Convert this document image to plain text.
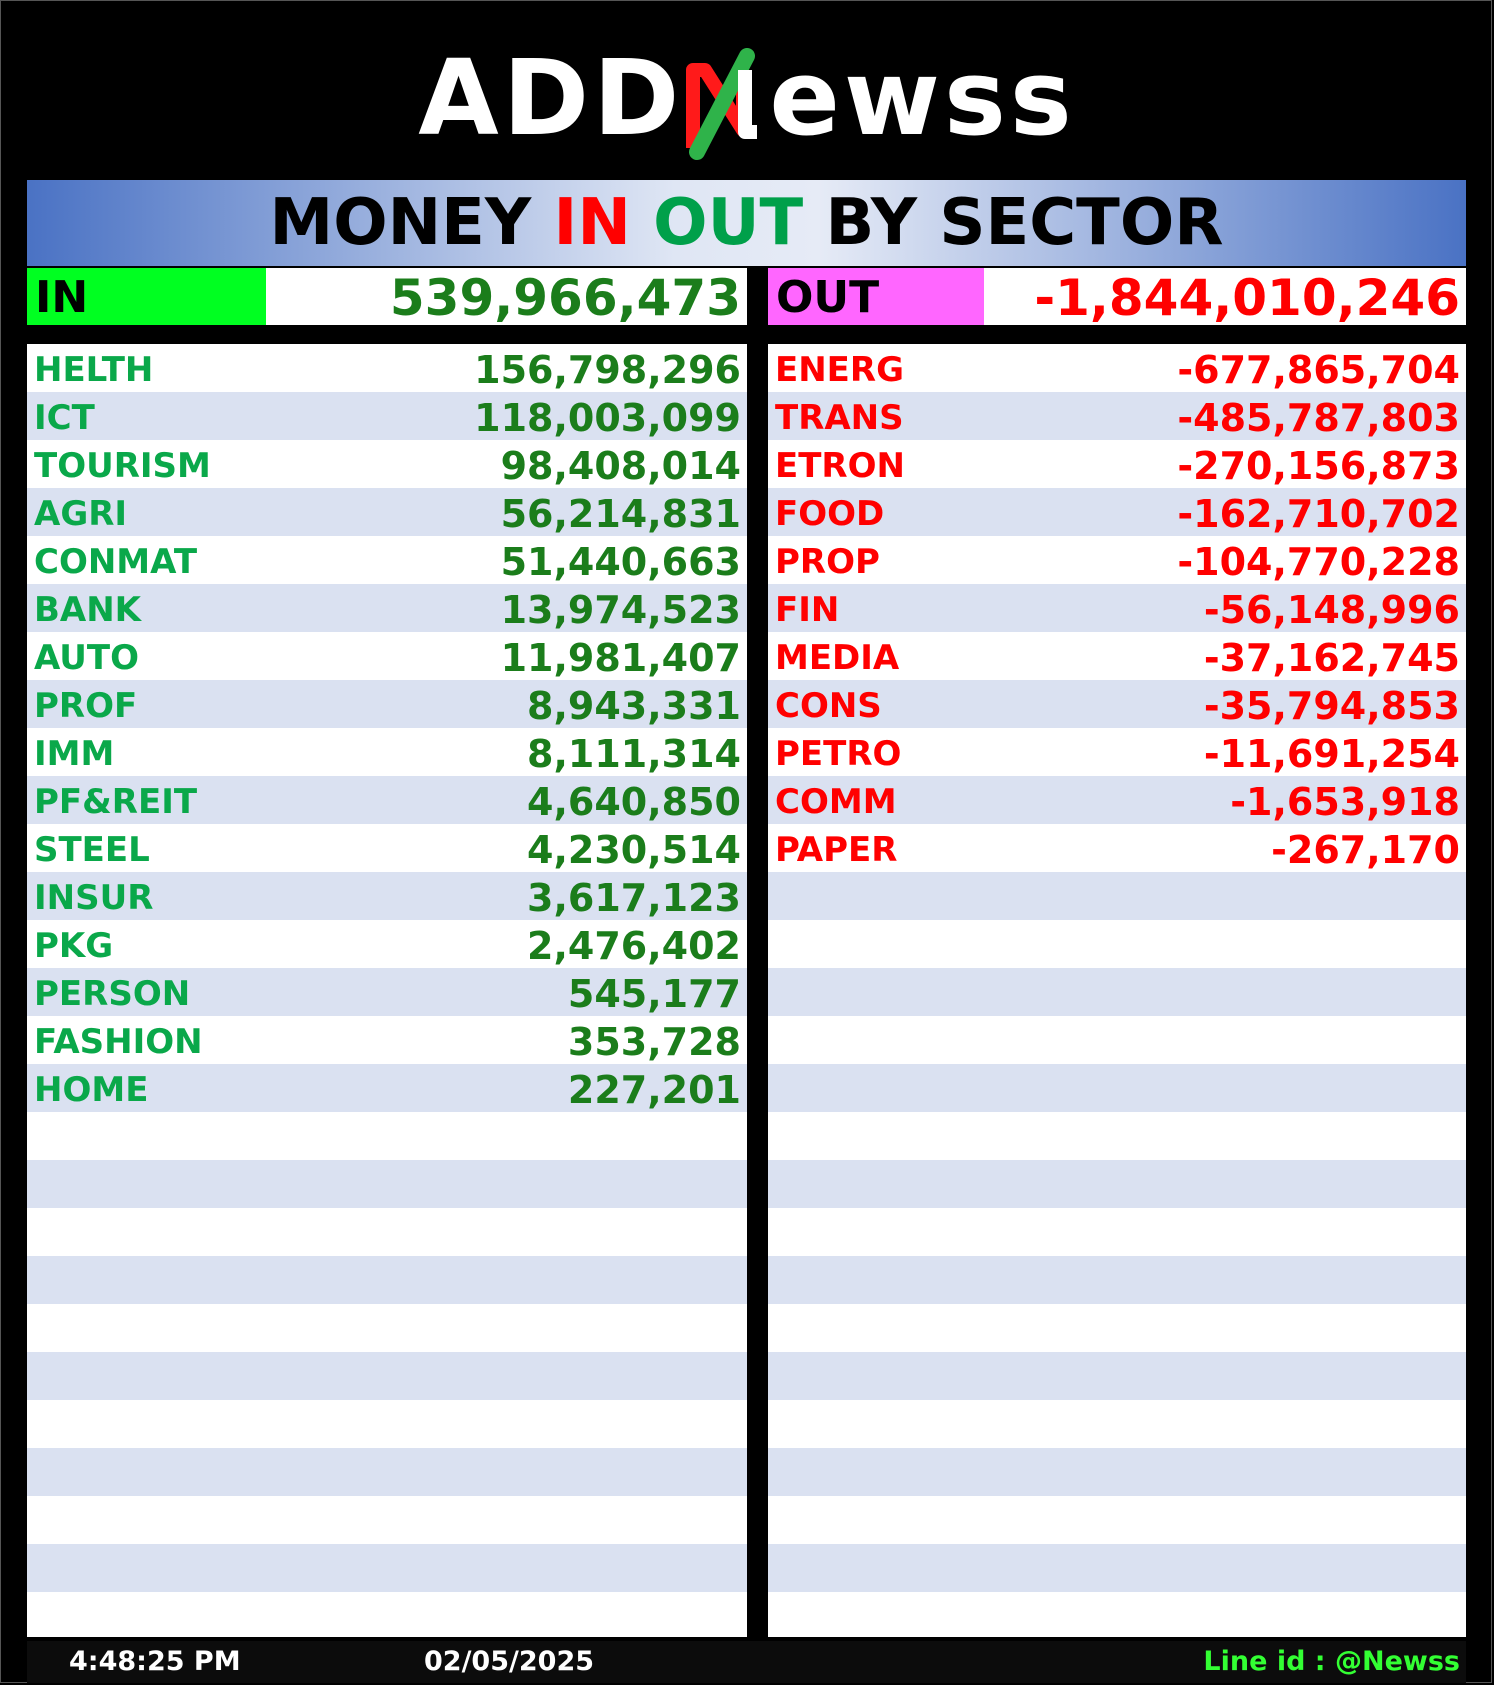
ADD ewss
MONEY IN OUT BY SECTOR
IN	539,966,473 OUT	-1,844,010,246
HELTH	156,798,296
ICT	118,003,099
TOURISM	98,408,014
AGRI	56,214,831
CONMAT	51,440,663
BANK	13,974,523
AUTO	11,981,407
PROF	8,943,331
IMM	8,111,314
PF&REIT	4,640,850
STEEL	4,230,514
INSUR	3,617,123
PKG	2,476,402
PERSON	545,177
FASHION	353,728
HOME	227,201
ENERG	-677,865,704
TRANS	-485,787,803
ETRON	-270,156,873
FOOD	-162,710,702
PROP	-104,770,228
FIN	-56,148,996
MEDIA	-37,162,745
CONS	-35,794,853
PETRO	-11,691,254
COMM	-1,653,918
PAPER	-267,170
4:48:25 PM	02/05/2025	Line id : @Newss
